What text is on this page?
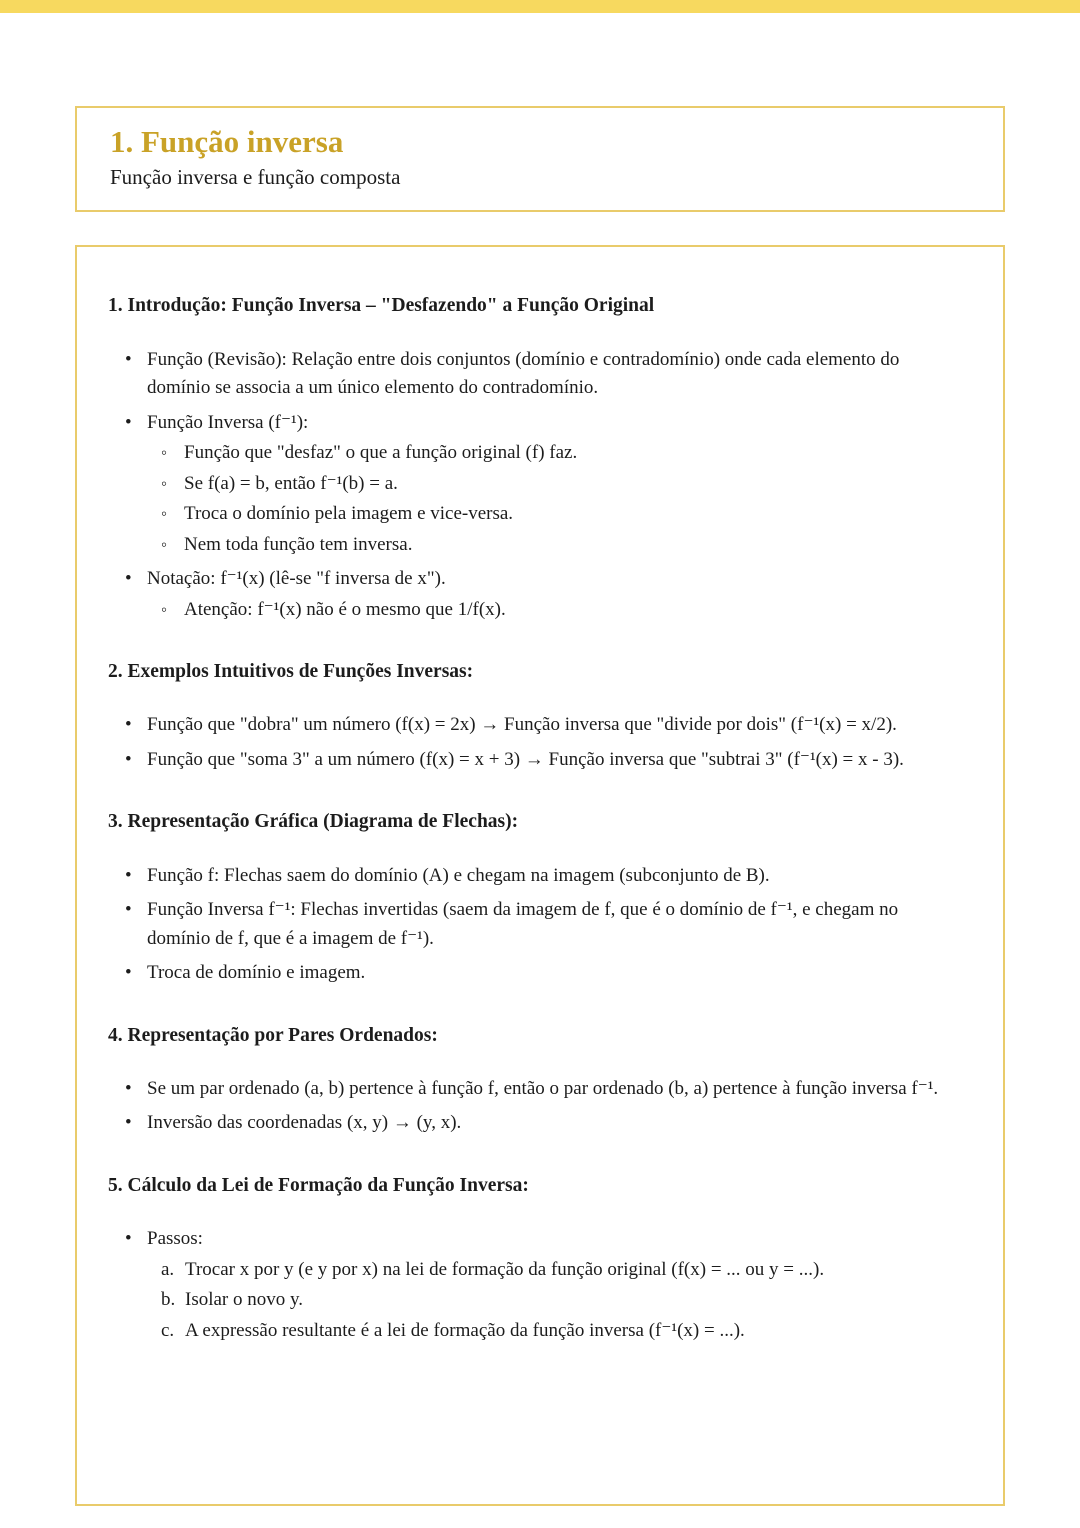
1. Função inversa

Função inversa e função composta

1. Introdução: Função Inversa – "Desfazendo" a Função Original
• Função (Revisão): Relação entre dois conjuntos (domínio e contradomínio) onde cada elemento do domínio se associa a um único elemento do contradomínio.
• Função Inversa (f⁻¹):
◦ Função que "desfaz" o que a função original (f) faz.
◦ Se f(a) = b, então f⁻¹(b) = a.
◦ Troca o domínio pela imagem e vice-versa.
◦ Nem toda função tem inversa.
• Notação: f⁻¹(x) (lê-se "f inversa de x").
◦ Atenção: f⁻¹(x) não é o mesmo que 1/f(x).
2. Exemplos Intuitivos de Funções Inversas:
• Função que "dobra" um número (f(x) = 2x) → Função inversa que "divide por dois" (f⁻¹(x) = x/2).
• Função que "soma 3" a um número (f(x) = x + 3) → Função inversa que "subtrai 3" (f⁻¹(x) = x - 3).
3. Representação Gráfica (Diagrama de Flechas):
• Função f: Flechas saem do domínio (A) e chegam na imagem (subconjunto de B).
• Função Inversa f⁻¹: Flechas invertidas (saem da imagem de f, que é o domínio de f⁻¹, e chegam no domínio de f, que é a imagem de f⁻¹).
• Troca de domínio e imagem.
4. Representação por Pares Ordenados:
• Se um par ordenado (a, b) pertence à função f, então o par ordenado (b, a) pertence à função inversa f⁻¹.
• Inversão das coordenadas (x, y) → (y, x).
5. Cálculo da Lei de Formação da Função Inversa:
• Passos:
a. Trocar x por y (e y por x) na lei de formação da função original (f(x) = ... ou y = ...).
b. Isolar o novo y.
c. A expressão resultante é a lei de formação da função inversa (f⁻¹(x) = ...).
